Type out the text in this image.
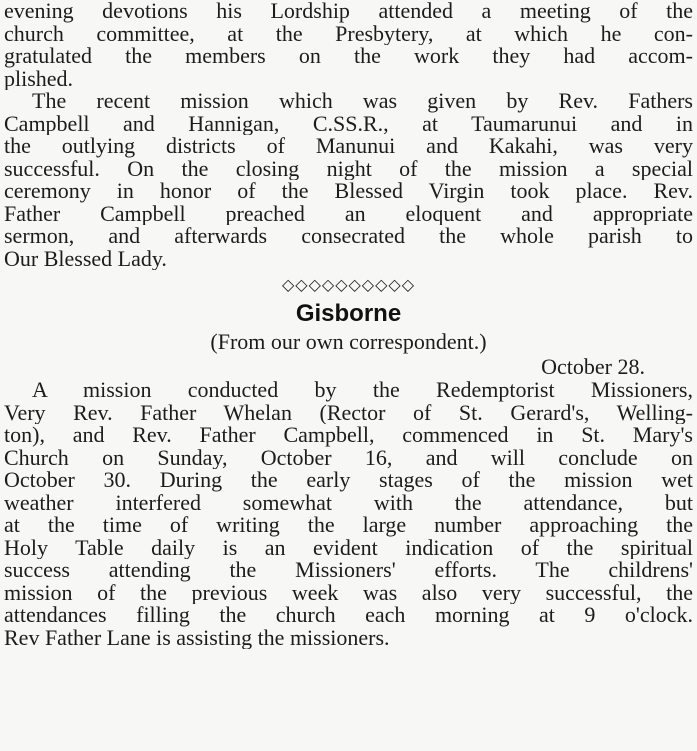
evening devotions his Lordship attended a meeting of the
church committee, at the Presbytery, at which he con-
gratulated the members on the work they had accom-
plished.
The recent mission which was given by Rev. Fathers
Campbell and Hannigan, C.SS.R., at Taumarunui and in
the outlying districts of Manunui and Kakahi, was very
successful. On the closing night of the mission a special
ceremony in honor of the Blessed Virgin took place. Rev.
Father Campbell preached an eloquent and appropriate
sermon, and afterwards consecrated the whole parish to
Our Blessed Lady.
◇◇◇◇◇◇◇◇◇◇
Gisborne
(From our own correspondent.)
October 28.
A mission conducted by the Redemptorist Missioners,
Very Rev. Father Whelan (Rector of St. Gerard's, Welling-
ton), and Rev. Father Campbell, commenced in St. Mary's
Church on Sunday, October 16, and will conclude on
October 30. During the early stages of the mission wet
weather interfered somewhat with the attendance, but
at the time of writing the large number approaching the
Holy Table daily is an evident indication of the spiritual
success attending the Missioners' efforts. The childrens'
mission of the previous week was also very successful, the
attendances filling the church each morning at 9 o'clock.
Rev Father Lane is assisting the missioners.
